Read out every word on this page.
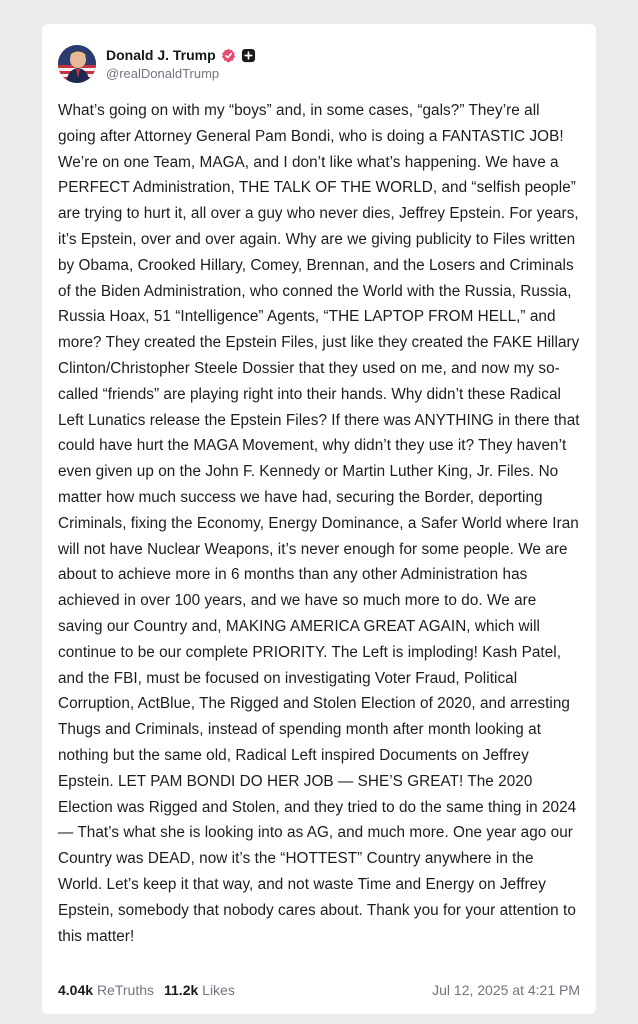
Donald J. Trump
@realDonaldTrump
What’s going on with my “boys” and, in some cases, “gals?” They’re all going after Attorney General Pam Bondi, who is doing a FANTASTIC JOB! We’re on one Team, MAGA, and I don’t like what’s happening. We have a PERFECT Administration, THE TALK OF THE WORLD, and “selfish people” are trying to hurt it, all over a guy who never dies, Jeffrey Epstein. For years, it’s Epstein, over and over again. Why are we giving publicity to Files written by Obama, Crooked Hillary, Comey, Brennan, and the Losers and Criminals of the Biden Administration, who conned the World with the Russia, Russia, Russia Hoax, 51 “Intelligence” Agents, “THE LAPTOP FROM HELL,” and more? They created the Epstein Files, just like they created the FAKE Hillary Clinton/Christopher Steele Dossier that they used on me, and now my so-called “friends” are playing right into their hands. Why didn’t these Radical Left Lunatics release the Epstein Files? If there was ANYTHING in there that could have hurt the MAGA Movement, why didn’t they use it? They haven’t even given up on the John F. Kennedy or Martin Luther King, Jr. Files. No matter how much success we have had, securing the Border, deporting Criminals, fixing the Economy, Energy Dominance, a Safer World where Iran will not have Nuclear Weapons, it’s never enough for some people. We are about to achieve more in 6 months than any other Administration has achieved in over 100 years, and we have so much more to do. We are saving our Country and, MAKING AMERICA GREAT AGAIN, which will continue to be our complete PRIORITY. The Left is imploding! Kash Patel, and the FBI, must be focused on investigating Voter Fraud, Political Corruption, ActBlue, The Rigged and Stolen Election of 2020, and arresting Thugs and Criminals, instead of spending month after month looking at nothing but the same old, Radical Left inspired Documents on Jeffrey Epstein. LET PAM BONDI DO HER JOB — SHE’S GREAT! The 2020 Election was Rigged and Stolen, and they tried to do the same thing in 2024 — That’s what she is looking into as AG, and much more. One year ago our Country was DEAD, now it’s the “HOTTEST” Country anywhere in the World. Let’s keep it that way, and not waste Time and Energy on Jeffrey Epstein, somebody that nobody cares about. Thank you for your attention to this matter!
4.04k ReTruths 11.2k Likes	Jul 12, 2025 at 4:21 PM
